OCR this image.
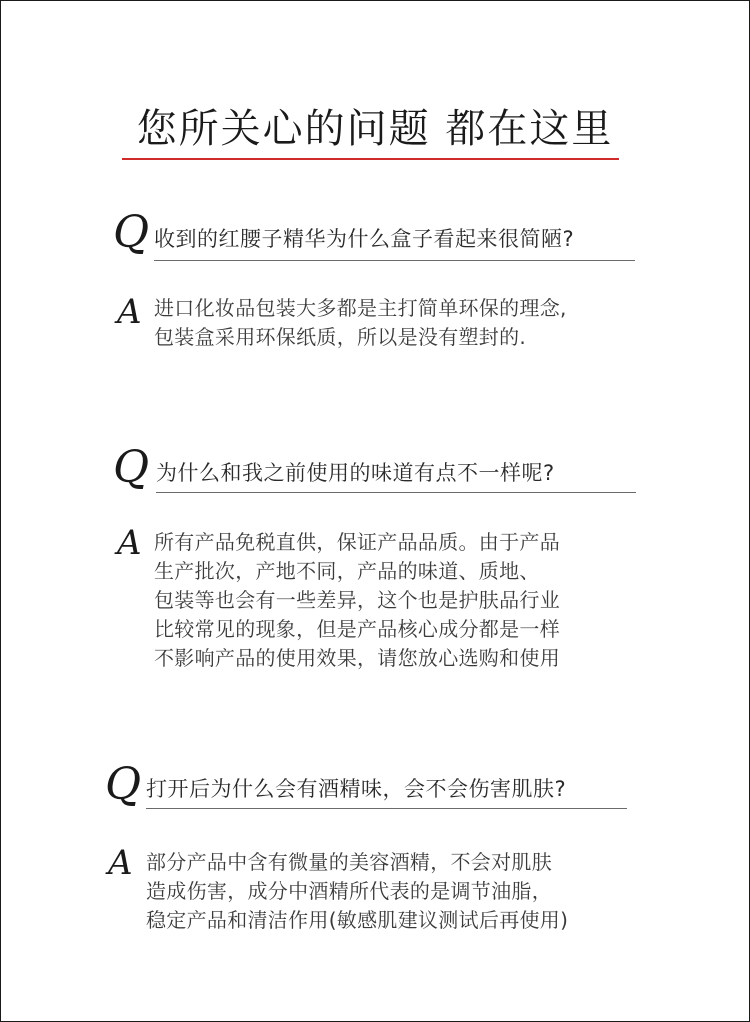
您所关心的问题 都在这里
Q 收到的红腰子精华为什么盒子看起来很简陋?
A 进口化妆品包装大多都是主打简单环保的理念,
包装盒采用环保纸质，所以是没有塑封的.
Q 为什么和我之前使用的味道有点不一样呢?
A 所有产品免税直供，保证产品品质。由于产品
生产批次，产地不同，产品的味道、质地、
包装等也会有一些差异，这个也是护肤品行业
比较常见的现象，但是产品核心成分都是一样
不影响产品的使用效果，请您放心选购和使用
Q 打开后为什么会有酒精味，会不会伤害肌肤?
A 部分产品中含有微量的美容酒精，不会对肌肤
造成伤害，成分中酒精所代表的是调节油脂，
稳定产品和清洁作用(敏感肌建议测试后再使用)
